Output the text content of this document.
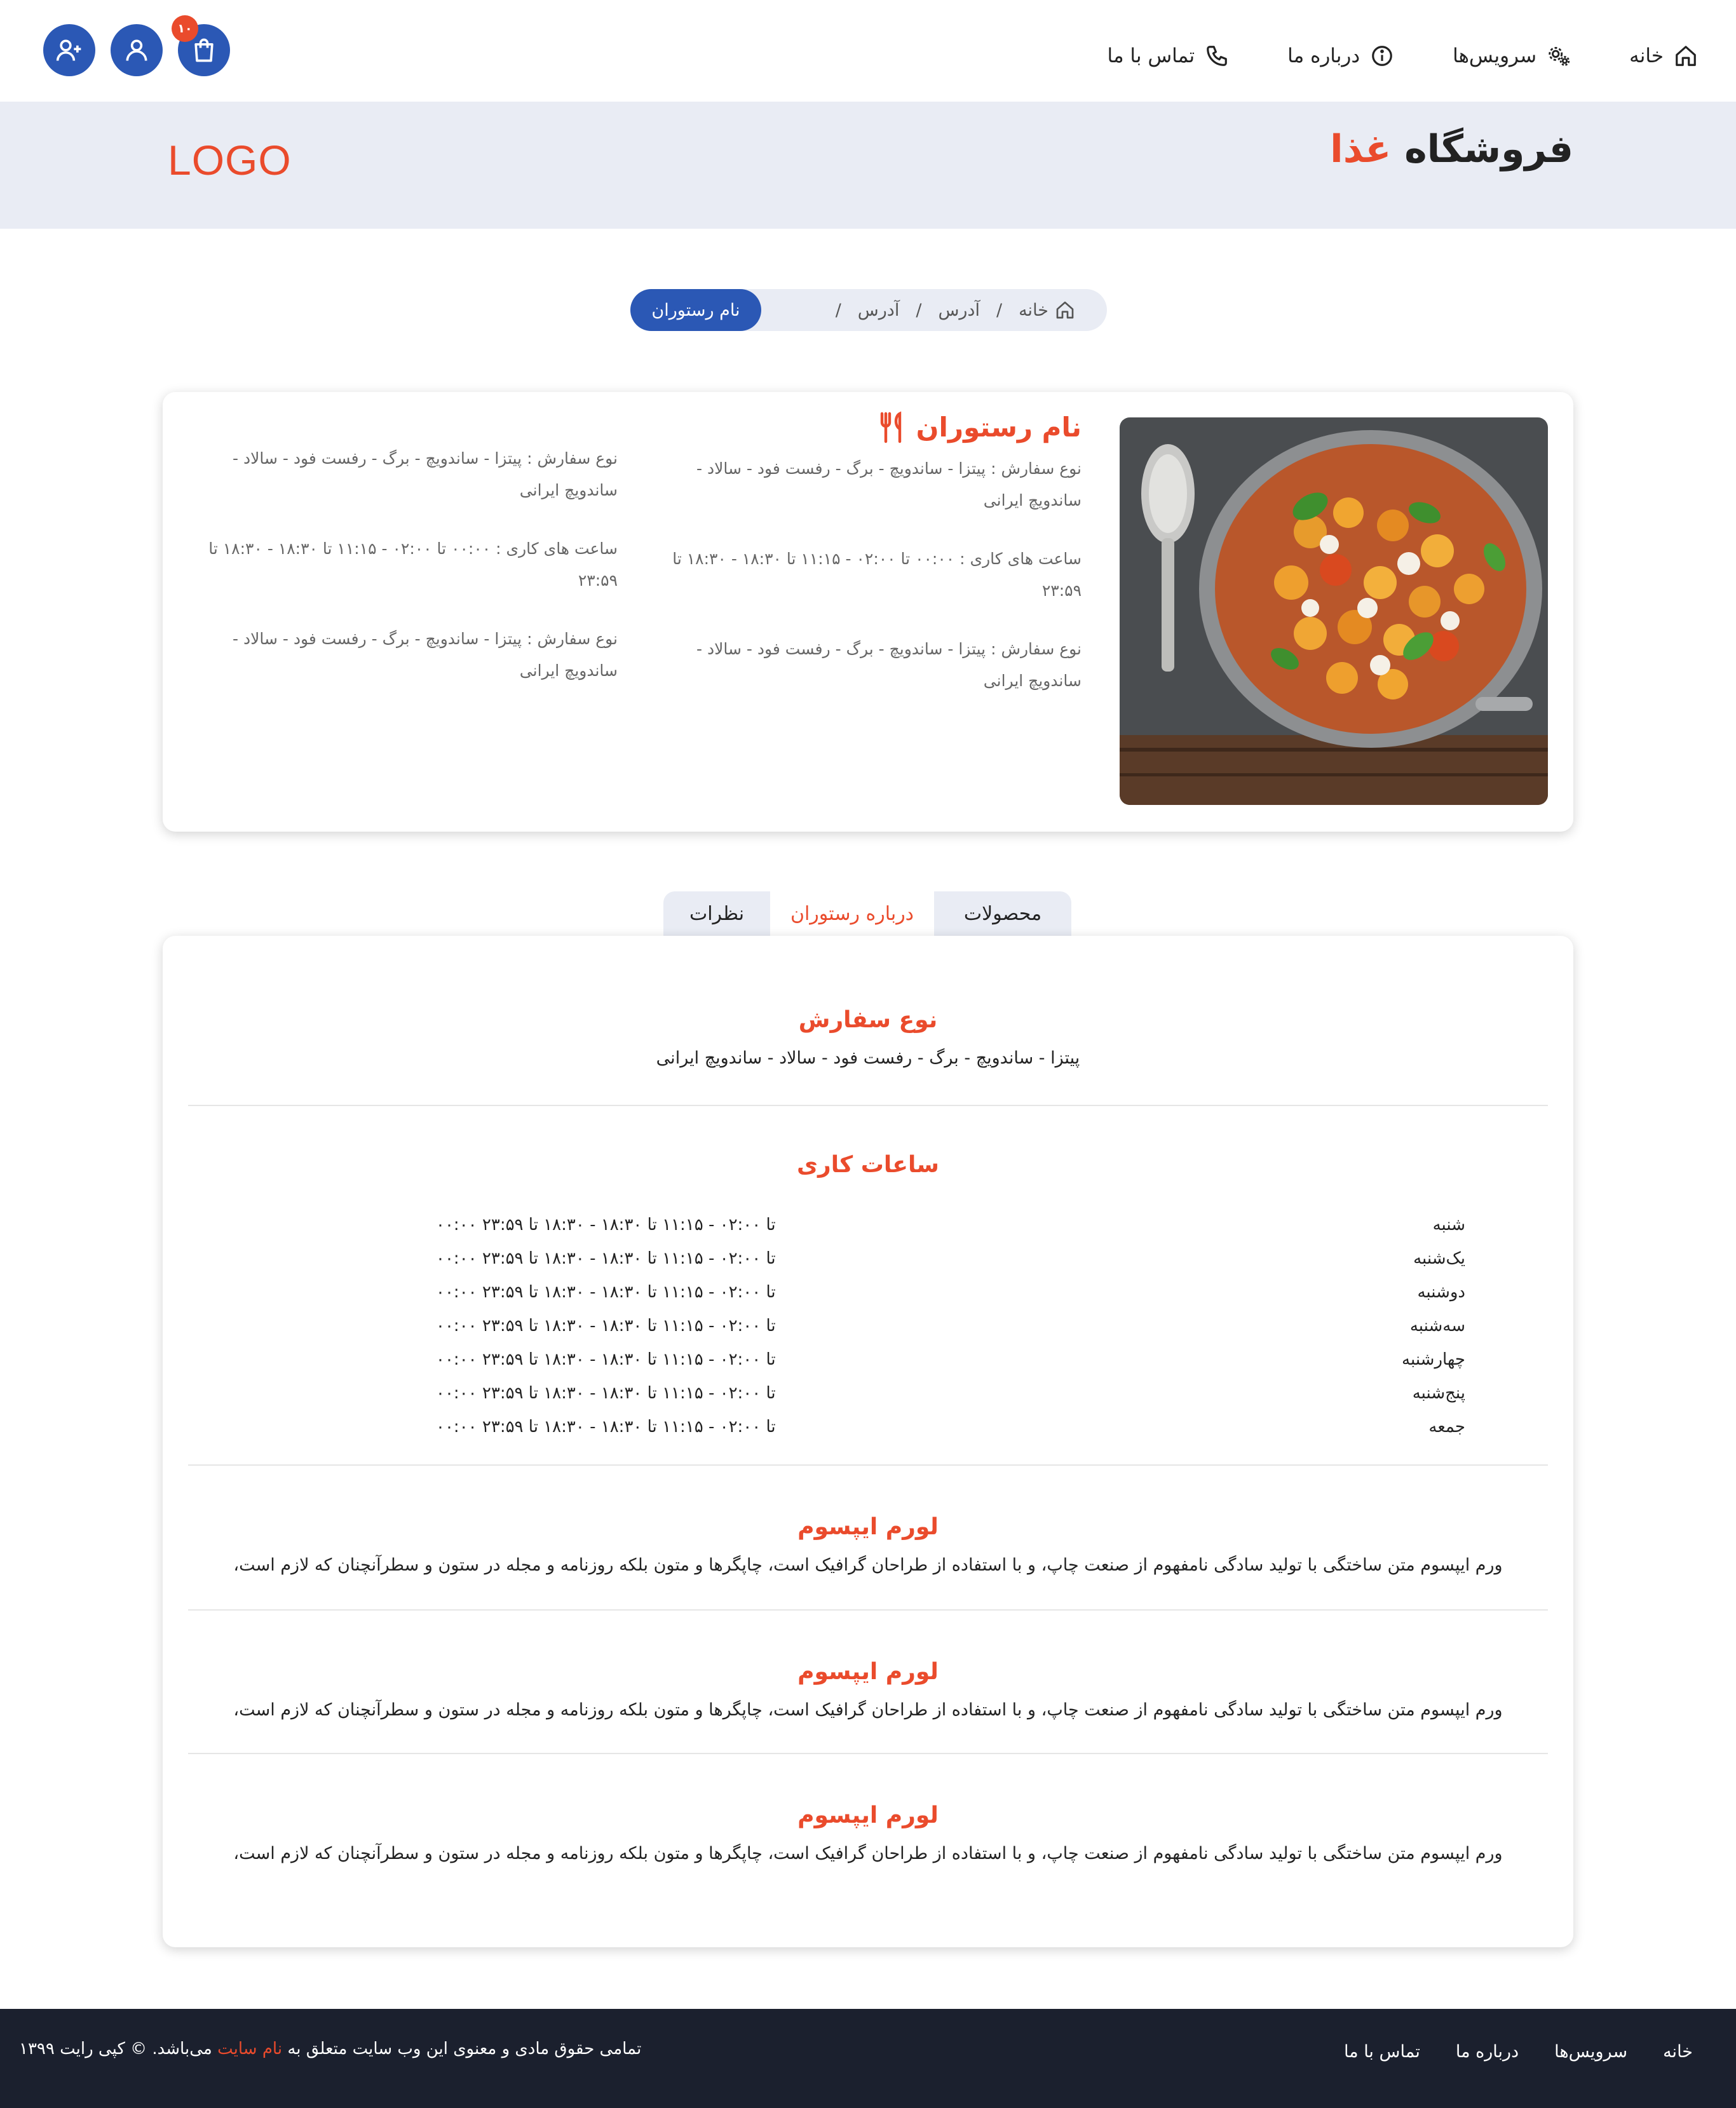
خانه
سرویس‌ها
درباره ما
تماس با ما
۱۰
فروشگاه غذا
LOGO
خانه
/
آدرس
/
آدرس
/
نام رستوران
نام رستوران
نوع سفارش : پیتزا - ساندویچ - برگ - رفست فود - سالاد - ساندویچ ایرانی
ساعت های کاری : ۰۰:۰۰ تا ۰۲:۰۰ - ۱۱:۱۵ تا ۱۸:۳۰ - ۱۸:۳۰ تا ۲۳:۵۹
نوع سفارش : پیتزا - ساندویچ - برگ - رفست فود - سالاد - ساندویچ ایرانی
نوع سفارش : پیتزا - ساندویچ - برگ - رفست فود - سالاد - ساندویچ ایرانی
ساعت های کاری : ۰۰:۰۰ تا ۰۲:۰۰ - ۱۱:۱۵ تا ۱۸:۳۰ - ۱۸:۳۰ تا ۲۳:۵۹
نوع سفارش : پیتزا - ساندویچ - برگ - رفست فود - سالاد - ساندویچ ایرانی
محصولات
درباره رستوران
نظرات
نوع سفارش

پیتزا - ساندویچ - برگ - رفست فود - سالاد - ساندویچ ایرانی

ساعات کاری
شنبه
۰۰:۰۰ تا ۰۲:۰۰ - ۱۱:۱۵ تا ۱۸:۳۰ - ۱۸:۳۰ تا ۲۳:۵۹
یک‌شنبه
۰۰:۰۰ تا ۰۲:۰۰ - ۱۱:۱۵ تا ۱۸:۳۰ - ۱۸:۳۰ تا ۲۳:۵۹
دوشنبه
۰۰:۰۰ تا ۰۲:۰۰ - ۱۱:۱۵ تا ۱۸:۳۰ - ۱۸:۳۰ تا ۲۳:۵۹
سه‌شنبه
۰۰:۰۰ تا ۰۲:۰۰ - ۱۱:۱۵ تا ۱۸:۳۰ - ۱۸:۳۰ تا ۲۳:۵۹
چهارشنبه
۰۰:۰۰ تا ۰۲:۰۰ - ۱۱:۱۵ تا ۱۸:۳۰ - ۱۸:۳۰ تا ۲۳:۵۹
پنج‌شنبه
۰۰:۰۰ تا ۰۲:۰۰ - ۱۱:۱۵ تا ۱۸:۳۰ - ۱۸:۳۰ تا ۲۳:۵۹
جمعه
۰۰:۰۰ تا ۰۲:۰۰ - ۱۱:۱۵ تا ۱۸:۳۰ - ۱۸:۳۰ تا ۲۳:۵۹
لورم ایپسوم

ورم ایپسوم متن ساختگی با تولید سادگی نامفهوم از صنعت چاپ، و با استفاده از طراحان گرافیک است، چاپگرها و متون بلکه روزنامه و مجله در ستون و سطرآنچنان که لازم است،

لورم ایپسوم

ورم ایپسوم متن ساختگی با تولید سادگی نامفهوم از صنعت چاپ، و با استفاده از طراحان گرافیک است، چاپگرها و متون بلکه روزنامه و مجله در ستون و سطرآنچنان که لازم است،

لورم ایپسوم

ورم ایپسوم متن ساختگی با تولید سادگی نامفهوم از صنعت چاپ، و با استفاده از طراحان گرافیک است، چاپگرها و متون بلکه روزنامه و مجله در ستون و سطرآنچنان که لازم است،

خانه
سرویس‌ها
درباره ما
تماس با ما
تمامی حقوق مادی و معنوی این وب سایت متعلق به نام سایت می‌باشد. © کپی رایت ۱۳۹۹
